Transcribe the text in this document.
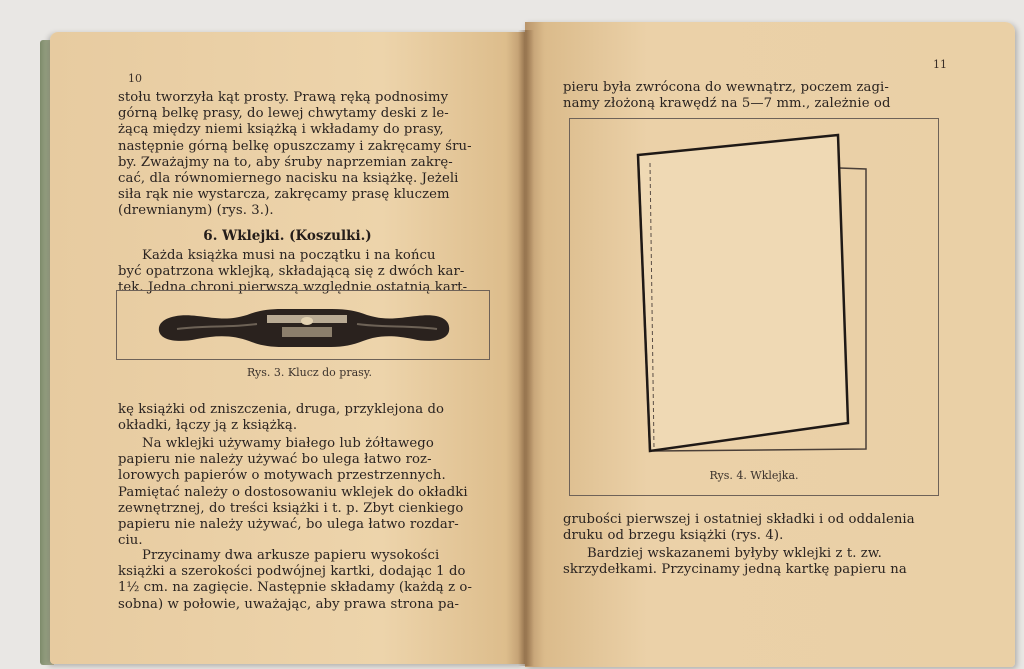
10

stołu tworzyła kąt prosty. Prawą ręką podnosimy

górną belkę prasy, do lewej chwytamy deski z le-

żącą między niemi książką i wkładamy do prasy,

następnie górną belkę opuszczamy i zakręcamy śru-

by. Zważajmy na to, aby śruby naprzemian zakrę-

cać, dla równomiernego nacisku na książkę. Jeżeli

siła rąk nie wystarcza, zakręcamy prasę kluczem

(drewnianym) (rys. 3.).

6. Wklejki. (Koszulki.)

Każda książka musi na początku i na końcu

być opatrzona wklejką, składającą się z dwóch kar-

tek. Jedna chroni pierwszą względnie ostatnią kart-

Rys. 3. Klucz do prasy.

kę książki od zniszczenia, druga, przyklejona do

okładki, łączy ją z książką.

Na wklejki używamy białego lub żółtawego

papieru nie należy używać bo ulega łatwo roz-

lorowych papierów o motywach przestrzennych.

Pamiętać należy o dostosowaniu wklejek do okładki

zewnętrznej, do treści książki i t. p. Zbyt cienkiego

papieru nie należy używać, bo ulega łatwo rozdar-

ciu.

Przycinamy dwa arkusze papieru wysokości

książki a szerokości podwójnej kartki, dodając 1 do

1½ cm. na zagięcie. Następnie składamy (każdą z o-

sobna) w połowie, uważając, aby prawa strona pa-

11

pieru była zwrócona do wewnątrz, poczem zagi-

namy złożoną krawędź na 5—7 mm., zależnie od

Rys. 4. Wklejka.

grubości pierwszej i ostatniej składki i od oddalenia

druku od brzegu książki (rys. 4).

Bardziej wskazanemi byłyby wklejki z t. zw.

skrzydełkami. Przycinamy jedną kartkę papieru na
